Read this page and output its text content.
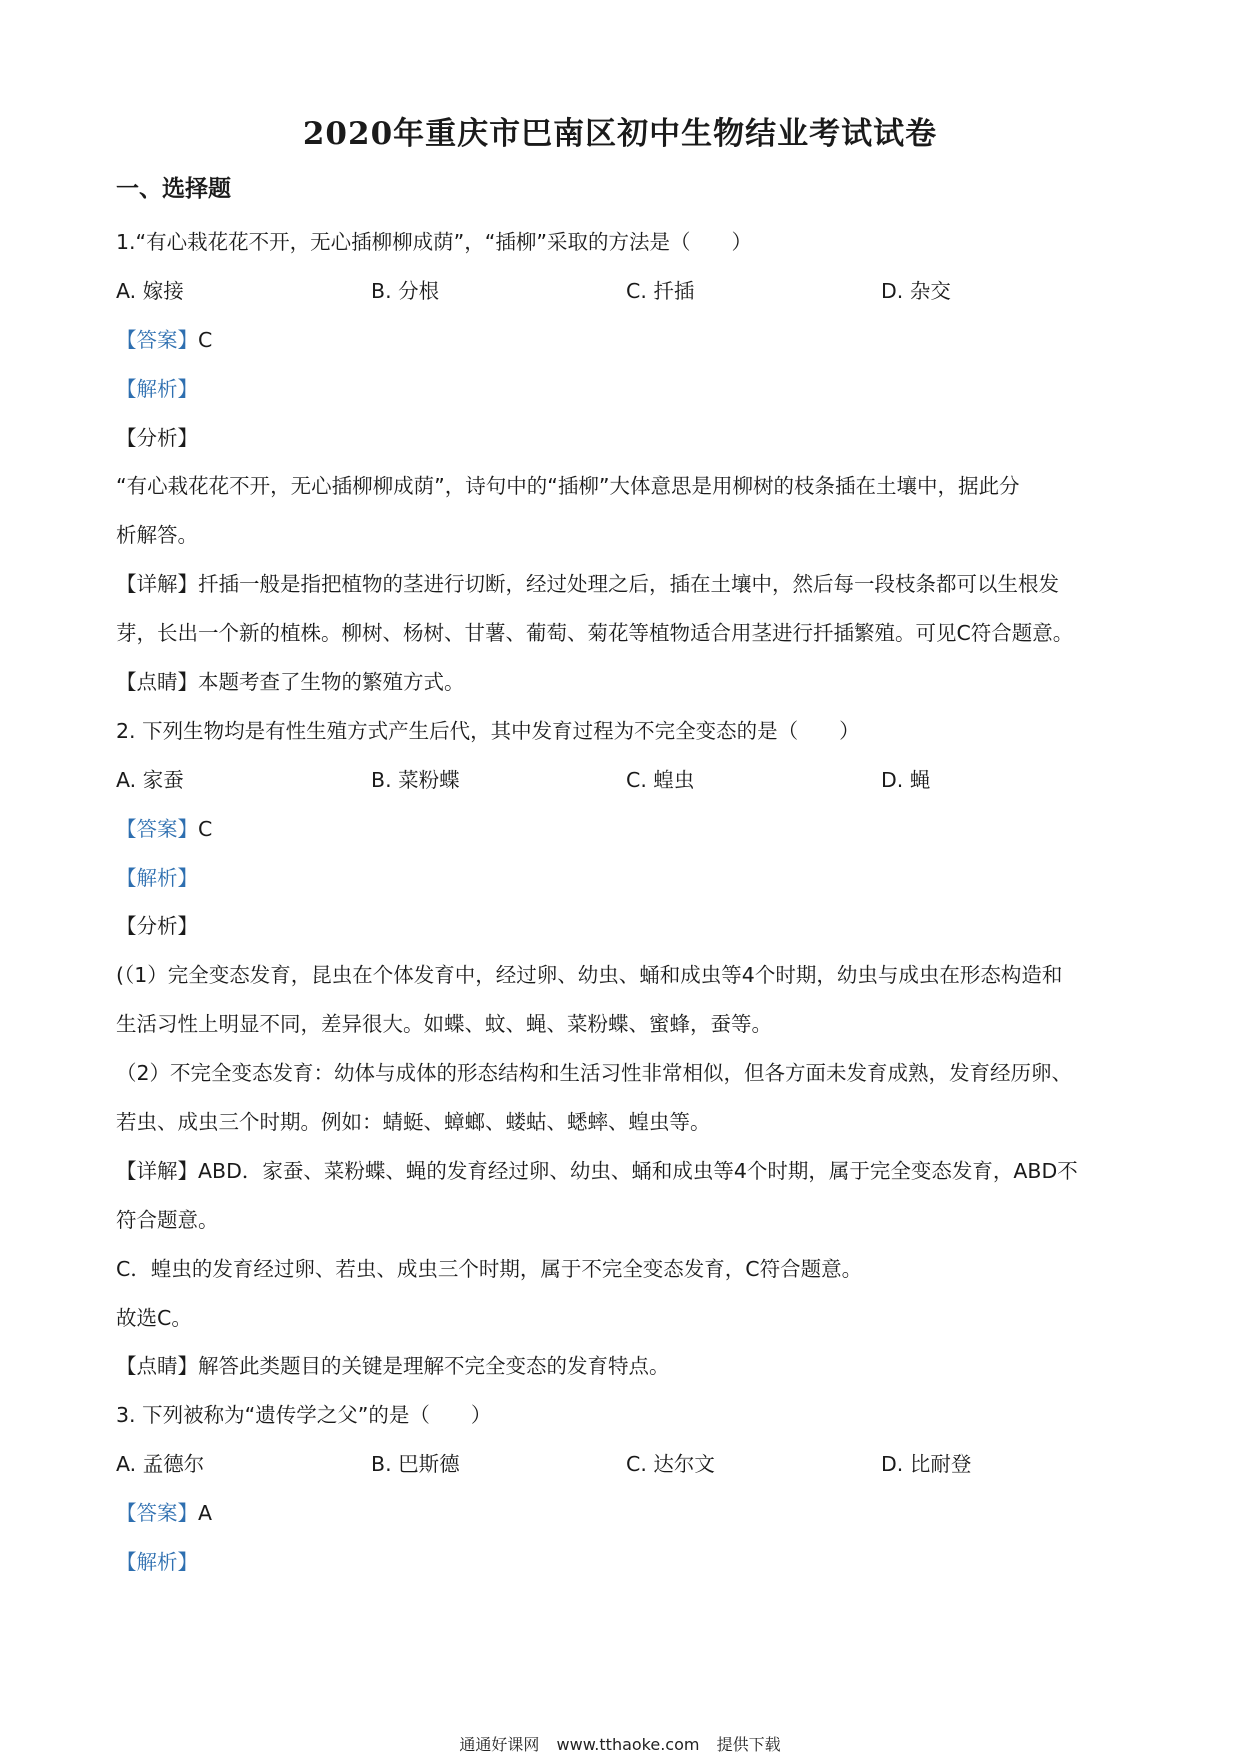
2020年重庆市巴南区初中生物结业考试试卷
一、选择题
1.“有心栽花花不开，无心插柳柳成荫”，“插柳”采取的方法是（　　）
A. 嫁接	B. 分根	C. 扦插	D. 杂交
【答案】C
【解析】
【分析】
“有心栽花花不开，无心插柳柳成荫”，诗句中的“插柳”大体意思是用柳树的枝条插在土壤中，据此分
析解答。
【详解】扦插一般是指把植物的茎进行切断，经过处理之后，插在土壤中，然后每一段枝条都可以生根发
芽，长出一个新的植株。柳树、杨树、甘薯、葡萄、菊花等植物适合用茎进行扦插繁殖。可见C符合题意。
【点睛】本题考查了生物的繁殖方式。
2. 下列生物均是有性生殖方式产生后代，其中发育过程为不完全变态的是（　　）
A. 家蚕	B. 菜粉蝶	C. 蝗虫	D. 蝇
【答案】C
【解析】
【分析】
(（1）完全变态发育，昆虫在个体发育中，经过卵、幼虫、蛹和成虫等4个时期，幼虫与成虫在形态构造和
生活习性上明显不同，差异很大。如蝶、蚊、蝇、菜粉蝶、蜜蜂，蚕等。
（2）不完全变态发育：幼体与成体的形态结构和生活习性非常相似，但各方面未发育成熟，发育经历卵、
若虫、成虫三个时期。例如：蜻蜓、蟑螂、蝼蛄、蟋蟀、蝗虫等。
【详解】ABD．家蚕、菜粉蝶、蝇的发育经过卵、幼虫、蛹和成虫等4个时期，属于完全变态发育，ABD不
符合题意。
C．蝗虫的发育经过卵、若虫、成虫三个时期，属于不完全变态发育，C符合题意。
故选C。
【点睛】解答此类题目的关键是理解不完全变态的发育特点。
3. 下列被称为“遗传学之父”的是（　　）
A. 孟德尔	B. 巴斯德	C. 达尔文	D. 比耐登
【答案】A
【解析】
通通好课网 www.tthaoke.com 提供下载
